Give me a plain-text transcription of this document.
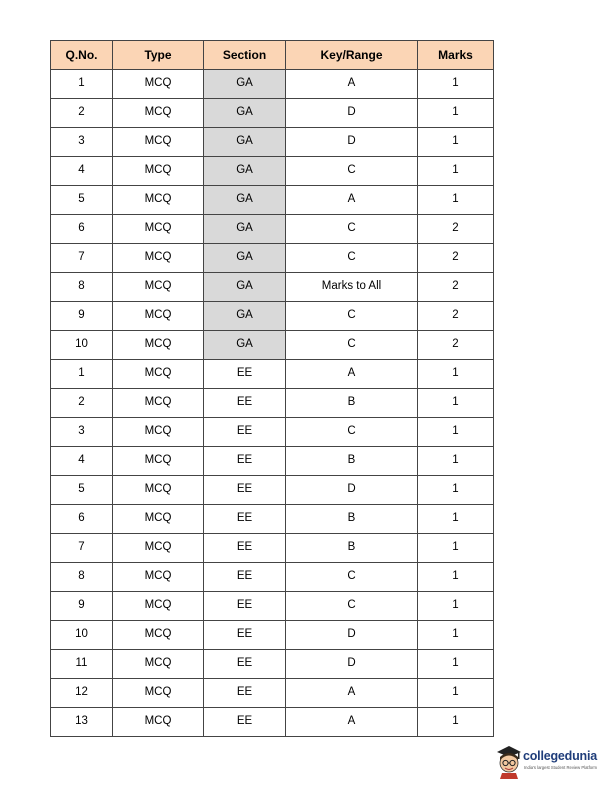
Q.No.	Type	Section	Key/Range	Marks
1	MCQ	GA	A	1
2	MCQ	GA	D	1
3	MCQ	GA	D	1
4	MCQ	GA	C	1
5	MCQ	GA	A	1
6	MCQ	GA	C	2
7	MCQ	GA	C	2
8	MCQ	GA	Marks to All	2
9	MCQ	GA	C	2
10	MCQ	GA	C	2
1	MCQ	EE	A	1
2	MCQ	EE	B	1
3	MCQ	EE	C	1
4	MCQ	EE	B	1
5	MCQ	EE	D	1
6	MCQ	EE	B	1
7	MCQ	EE	B	1
8	MCQ	EE	C	1
9	MCQ	EE	C	1
10	MCQ	EE	D	1
11	MCQ	EE	D	1
12	MCQ	EE	A	1
13	MCQ	EE	A	1
collegedunia
India's largest Student Review Platform
